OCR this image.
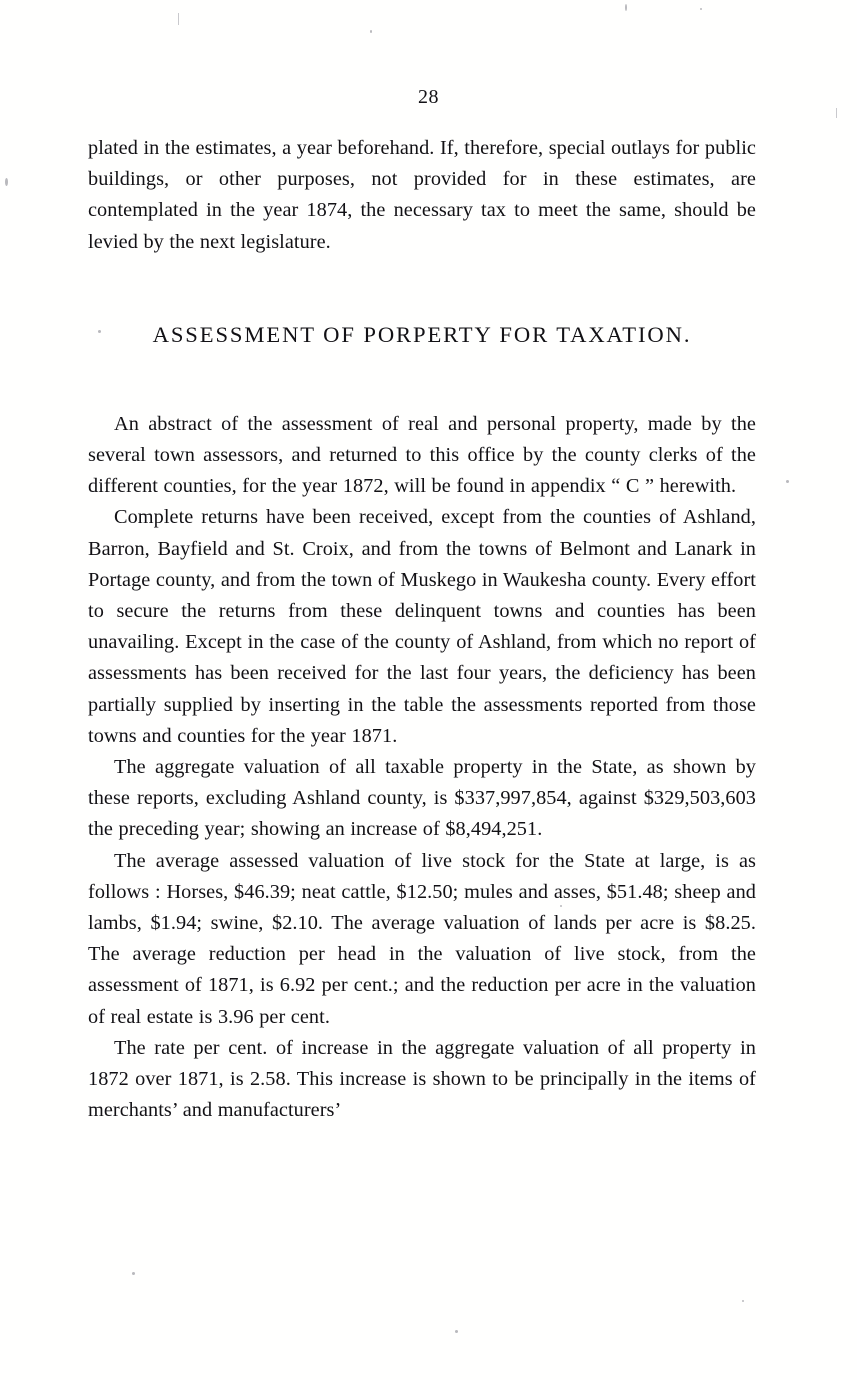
28

plated in the estimates, a year beforehand. If, therefore, special outlays for public buildings, or other purposes, not provided for in these estimates, are contemplated in the year 1874, the necessary tax to meet the same, should be levied by the next legislature.

ASSESSMENT OF PORPERTY FOR TAXATION.

An abstract of the assessment of real and personal property, made by the several town assessors, and returned to this office by the county clerks of the different counties, for the year 1872, will be found in appendix “ C ” herewith.

Complete returns have been received, except from the counties of Ashland, Barron, Bayfield and St. Croix, and from the towns of Belmont and Lanark in Portage county, and from the town of Muskego in Waukesha county. Every effort to secure the returns from these delinquent towns and counties has been unavailing. Except in the case of the county of Ashland, from which no report of assessments has been received for the last four years, the deficiency has been partially supplied by inserting in the table the assessments reported from those towns and counties for the year 1871.

The aggregate valuation of all taxable property in the State, as shown by these reports, excluding Ashland county, is $337,997,854, against $329,503,603 the preceding year; showing an increase of $8,494,251.

The average assessed valuation of live stock for the State at large, is as follows : Horses, $46.39; neat cattle, $12.50; mules and asses, $51.48; sheep and lambs, $1.94; swine, $2.10. The average valuation of lands per acre is $8.25. The average reduction per head in the valuation of live stock, from the assessment of 1871, is 6.92 per cent.; and the reduction per acre in the valuation of real estate is 3.96 per cent.

The rate per cent. of increase in the aggregate valuation of all property in 1872 over 1871, is 2.58. This increase is shown to be principally in the items of merchants’ and manufacturers’
